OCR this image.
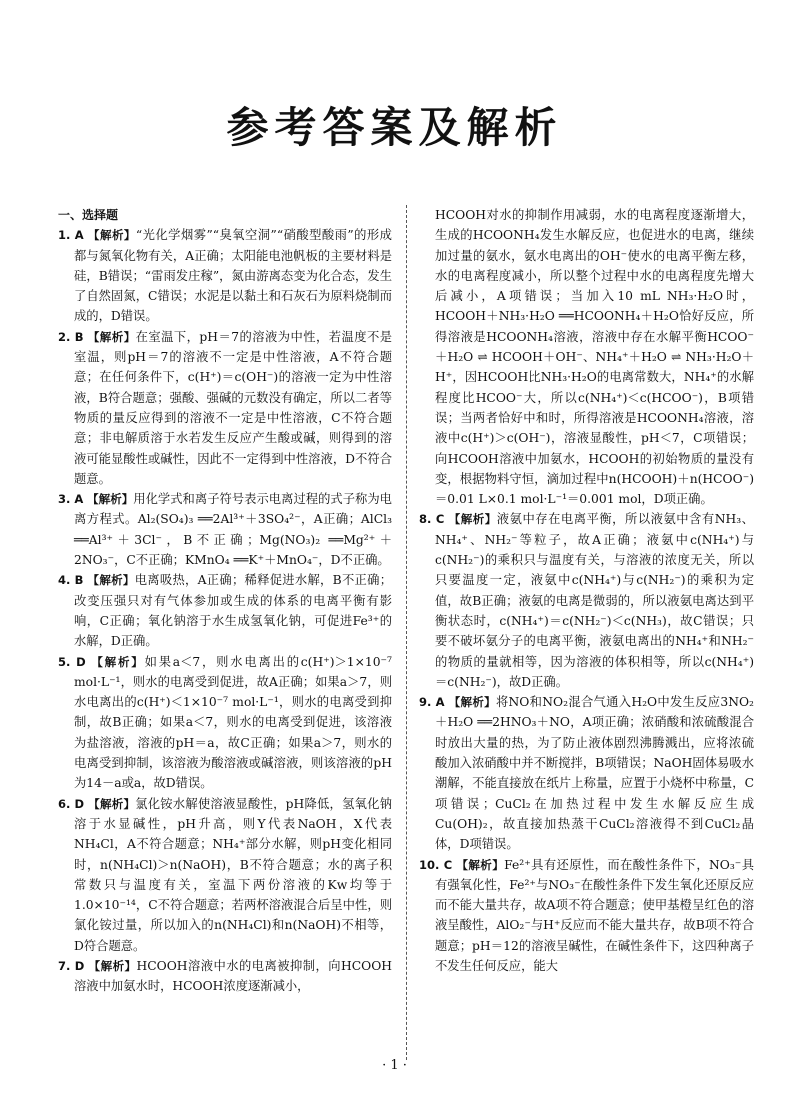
参考答案及解析

一、选择题

1. A 【解析】“光化学烟雾”“臭氧空洞”“硝酸型酸雨”的形成都与氮氧化物有关，A正确；太阳能电池帆板的主要材料是硅，B错误；“雷雨发庄稼”，氮由游离态变为化合态，发生了自然固氮，C错误；水泥是以黏土和石灰石为原料烧制而成的，D错误。

2. B 【解析】在室温下，pH＝7的溶液为中性，若温度不是室温，则pH＝7的溶液不一定是中性溶液，A不符合题意；在任何条件下，c(H⁺)＝c(OH⁻)的溶液一定为中性溶液，B符合题意；强酸、强碱的元数没有确定，所以二者等物质的量反应得到的溶液不一定是中性溶液，C不符合题意；非电解质溶于水若发生反应产生酸或碱，则得到的溶液可能显酸性或碱性，因此不一定得到中性溶液，D不符合题意。

3. A 【解析】用化学式和离子符号表示电离过程的式子称为电离方程式。Al₂(SO₄)₃ ══2Al³⁺＋3SO₄²⁻，A正确；AlCl₃ ══Al³⁺＋3Cl⁻，B不正确；Mg(NO₃)₂ ══Mg²⁺＋2NO₃⁻，C不正确；KMnO₄ ══K⁺＋MnO₄⁻，D不正确。

4. B 【解析】电离吸热，A正确；稀释促进水解，B不正确；改变压强只对有气体参加或生成的体系的电离平衡有影响，C正确；氧化钠溶于水生成氢氧化钠，可促进Fe³⁺的水解，D正确。

5. D 【解析】如果a＜7，则水电离出的c(H⁺)＞1×10⁻⁷ mol·L⁻¹，则水的电离受到促进，故A正确；如果a＞7，则水电离出的c(H⁺)＜1×10⁻⁷ mol·L⁻¹，则水的电离受到抑制，故B正确；如果a＜7，则水的电离受到促进，该溶液为盐溶液，溶液的pH＝a，故C正确；如果a＞7，则水的电离受到抑制，该溶液为酸溶液或碱溶液，则该溶液的pH为14－a或a，故D错误。

6. D 【解析】氯化铵水解使溶液显酸性，pH降低，氢氧化钠溶于水显碱性，pH升高，则Y代表NaOH，X代表NH₄Cl，A不符合题意；NH₄⁺部分水解，则pH变化相同时，n(NH₄Cl)＞n(NaOH)，B不符合题意；水的离子积常数只与温度有关，室温下两份溶液的Kw均等于1.0×10⁻¹⁴，C不符合题意；若两杯溶液混合后呈中性，则氯化铵过量，所以加入的n(NH₄Cl)和n(NaOH)不相等，D符合题意。

7. D 【解析】HCOOH溶液中水的电离被抑制，向HCOOH溶液中加氨水时，HCOOH浓度逐渐减小，

HCOOH对水的抑制作用减弱，水的电离程度逐渐增大，生成的HCOONH₄发生水解反应，也促进水的电离，继续加过量的氨水，氨水电离出的OH⁻使水的电离平衡左移，水的电离程度减小，所以整个过程中水的电离程度先增大后减小，A项错误；当加入10 mL NH₃·H₂O时，HCOOH＋NH₃·H₂O ══HCOONH₄＋H₂O恰好反应，所得溶液是HCOONH₄溶液，溶液中存在水解平衡HCOO⁻＋H₂O ⇌ HCOOH＋OH⁻、NH₄⁺＋H₂O ⇌ NH₃·H₂O＋H⁺，因HCOOH比NH₃·H₂O的电离常数大，NH₄⁺的水解程度比HCOO⁻大，所以c(NH₄⁺)＜c(HCOO⁻)，B项错误；当两者恰好中和时，所得溶液是HCOONH₄溶液，溶液中c(H⁺)＞c(OH⁻)，溶液显酸性，pH＜7，C项错误；向HCOOH溶液中加氨水，HCOOH的初始物质的量没有变，根据物料守恒，滴加过程中n(HCOOH)＋n(HCOO⁻)＝0.01 L×0.1 mol·L⁻¹＝0.001 mol，D项正确。

8. C 【解析】液氨中存在电离平衡，所以液氨中含有NH₃、NH₄⁺、NH₂⁻等粒子，故A正确；液氨中c(NH₄⁺)与c(NH₂⁻)的乘积只与温度有关，与溶液的浓度无关，所以只要温度一定，液氨中c(NH₄⁺)与c(NH₂⁻)的乘积为定值，故B正确；液氨的电离是微弱的，所以液氨电离达到平衡状态时，c(NH₄⁺)＝c(NH₂⁻)＜c(NH₃)，故C错误；只要不破坏氨分子的电离平衡，液氨电离出的NH₄⁺和NH₂⁻的物质的量就相等，因为溶液的体积相等，所以c(NH₄⁺)＝c(NH₂⁻)，故D正确。

9. A 【解析】将NO和NO₂混合气通入H₂O中发生反应3NO₂＋H₂O ══2HNO₃＋NO，A项正确；浓硝酸和浓硫酸混合时放出大量的热，为了防止液体剧烈沸腾溅出，应将浓硫酸加入浓硝酸中并不断搅拌，B项错误；NaOH固体易吸水潮解，不能直接放在纸片上称量，应置于小烧杯中称量，C项错误；CuCl₂在加热过程中发生水解反应生成Cu(OH)₂，故直接加热蒸干CuCl₂溶液得不到CuCl₂晶体，D项错误。

10. C 【解析】Fe²⁺具有还原性，而在酸性条件下，NO₃⁻具有强氧化性，Fe²⁺与NO₃⁻在酸性条件下发生氧化还原反应而不能大量共存，故A项不符合题意；使甲基橙呈红色的溶液呈酸性，AlO₂⁻与H⁺反应而不能大量共存，故B项不符合题意；pH＝12的溶液呈碱性，在碱性条件下，这四种离子不发生任何反应，能大

· 1 ·
